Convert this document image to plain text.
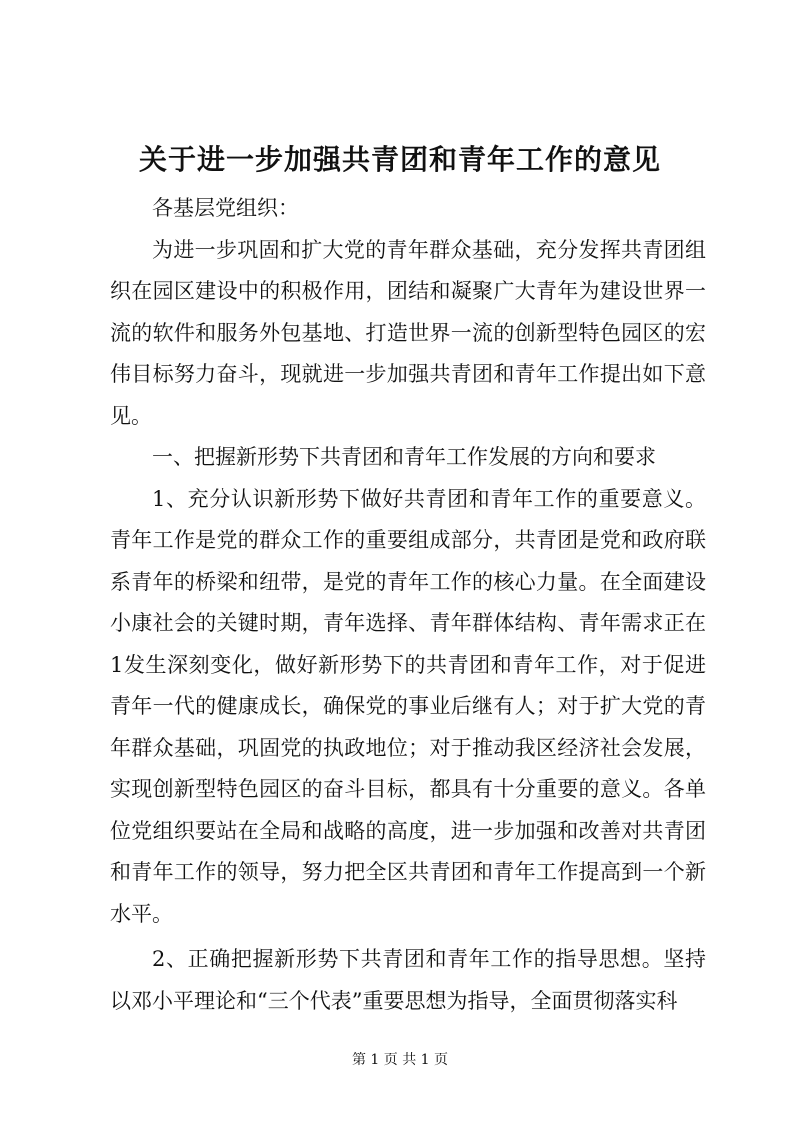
关于进一步加强共青团和青年工作的意见

各基层党组织：

为进一步巩固和扩大党的青年群众基础，充分发挥共青团组织在园区建设中的积极作用，团结和凝聚广大青年为建设世界一流的软件和服务外包基地、打造世界一流的创新型特色园区的宏伟目标努力奋斗，现就进一步加强共青团和青年工作提出如下意见。

一、把握新形势下共青团和青年工作发展的方向和要求

1、充分认识新形势下做好共青团和青年工作的重要意义。青年工作是党的群众工作的重要组成部分，共青团是党和政府联系青年的桥梁和纽带，是党的青年工作的核心力量。在全面建设小康社会的关键时期，青年选择、青年群体结构、青年需求正在1发生深刻变化，做好新形势下的共青团和青年工作，对于促进青年一代的健康成长，确保党的事业后继有人；对于扩大党的青年群众基础，巩固党的执政地位；对于推动我区经济社会发展，实现创新型特色园区的奋斗目标，都具有十分重要的意义。各单位党组织要站在全局和战略的高度，进一步加强和改善对共青团和青年工作的领导，努力把全区共青团和青年工作提高到一个新水平。

2、正确把握新形势下共青团和青年工作的指导思想。坚持以邓小平理论和“三个代表”重要思想为指导，全面贯彻落实科

第 1 页 共 1 页
